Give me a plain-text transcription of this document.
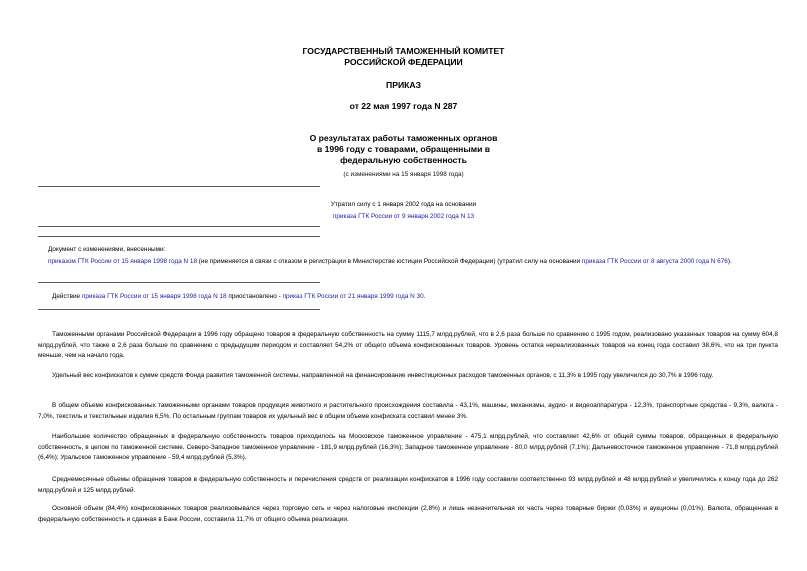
ГОСУДАРСТВЕННЫЙ ТАМОЖЕННЫЙ КОМИТЕТ
РОССИЙСКОЙ ФЕДЕРАЦИИ
ПРИКАЗ
от 22 мая 1997 года N 287
О результатах работы таможенных органов
в 1996 году с товарами, обращенными в
федеральную собственность
(с изменениями на 15 января 1998 года)
Утратил силу с 1 января 2002 года на основании
приказа ГТК России от 9 января 2002 года N 13
Документ с изменениями, внесенными:
приказом ГТК России от 15 января 1998 года N 18 (не применяется в связи с отказом в регистрации в Министерстве юстиции Российской Федерации) (утратил силу на основании приказа ГТК России от 8 августа 2000 года N 676).
Действие приказа ГТК России от 15 января 1998 года N 18 приостановлено - приказ ГТК России от 21 января 1999 года N 30.
Таможенными органами Российской Федерации в 1996 году обращено товаров в федеральную собственность на сумму 1115,7 млрд.рублей, что в 2,6 раза больше по сравнению с 1995 годом, реализовано указанных товаров на сумму 604,8 млрд.рублей, что также в 2,6 раза больше по сравнению с предыдущим периодом и составляет 54,2% от общего объема конфискованных товаров. Уровень остатка нереализованных товаров на конец года составил 38,6%, что на три пункта меньше, чем на начало года.
Удельный вес конфискатов к сумме средств Фонда развития таможенной системы, направленной на финансирование инвестиционных расходов таможенных органов, с 11,3% в 1995 году увеличился до 30,7% в 1996 году.
В общем объеме конфискованных таможенными органами товаров продукция животного и растительного происхождения составила - 43,1%, машины, механизмы, аудио- и видеоаппаратура - 12,3%, транспортные средства - 9,3%, валюта - 7,0%, текстиль и текстильные изделия 6,5%. По остальным группам товаров их удельный вес в общем объеме конфиската составил менее 3%.
Наибольшее количество обращенных в федеральную собственность товаров приходилось на Московское таможенное управление - 475,1 млрд.рублей, что составляет 42,6% от общей суммы товаров, обращенных в федеральную собственность, в целом по таможенной системе, Северо-Западное таможенное управление - 181,9 млрд.рублей (16,3%); Западное таможенное управление - 80,0 млрд.рублей (7,1%); Дальневосточное таможенное управление - 71,8 млрд.рублей (6,4%); Уральское таможенное управление - 59,4 млрд.рублей (5,3%).
Среднемесячные объемы обращения товаров в федеральную собственность и перечисления средств от реализации конфискатов в 1996 году составили соответственно 93 млрд.рублей и 48 млрд.рублей и увеличились к концу года до 262 млрд.рублей и 125 млрд.рублей.
Основной объем (84,4%) конфискованных товаров реализовывался через торговую сеть и через налоговые инспекции (2,8%) и лишь незначительная их часть через товарные биржи (0,03%) и аукционы (0,01%). Валюта, обращенная в федеральную собственность и сданная в Банк России, составила 11,7% от общего объема реализации.
